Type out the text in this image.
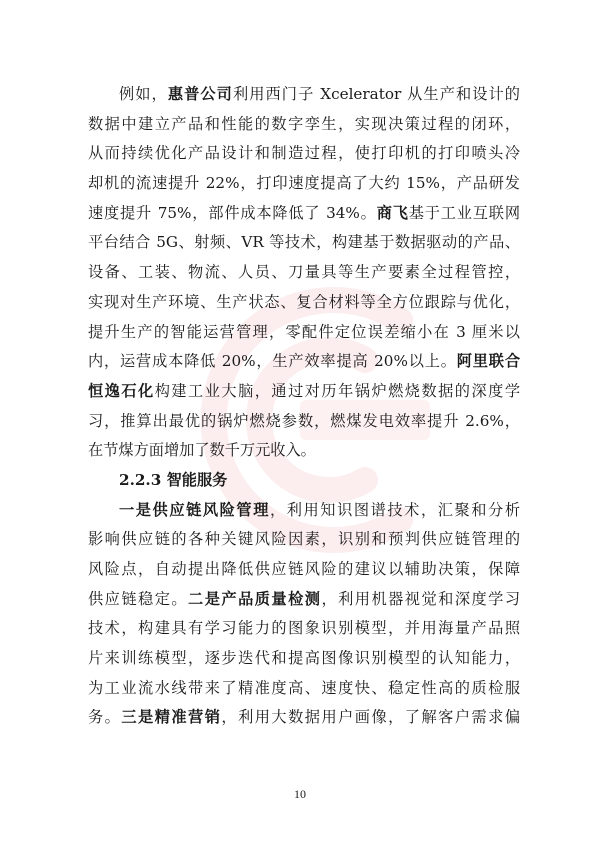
例如，惠普公司利用西门子 Xcelerator 从生产和设计的
数据中建立产品和性能的数字孪生，实现决策过程的闭环，
从而持续优化产品设计和制造过程，使打印机的打印喷头冷
却机的流速提升 22%，打印速度提高了大约 15%，产品研发
速度提升 75%，部件成本降低了 34%。商飞基于工业互联网
平台结合 5G、射频、VR 等技术，构建基于数据驱动的产品、
设备、工装、物流、人员、刀量具等生产要素全过程管控，
实现对生产环境、生产状态、复合材料等全方位跟踪与优化，
提升生产的智能运营管理，零配件定位误差缩小在 3 厘米以
内，运营成本降低 20%，生产效率提高 20%以上。阿里联合
恒逸石化构建工业大脑，通过对历年锅炉燃烧数据的深度学
习，推算出最优的锅炉燃烧参数，燃煤发电效率提升 2.6%，
在节煤方面增加了数千万元收入。
2.2.3 智能服务
一是供应链风险管理，利用知识图谱技术，汇聚和分析
影响供应链的各种关键风险因素，识别和预判供应链管理的
风险点，自动提出降低供应链风险的建议以辅助决策，保障
供应链稳定。二是产品质量检测，利用机器视觉和深度学习
技术，构建具有学习能力的图象识别模型，并用海量产品照
片来训练模型，逐步迭代和提高图像识别模型的认知能力，
为工业流水线带来了精准度高、速度快、稳定性高的质检服
务。三是精准营销，利用大数据用户画像，了解客户需求偏
10
